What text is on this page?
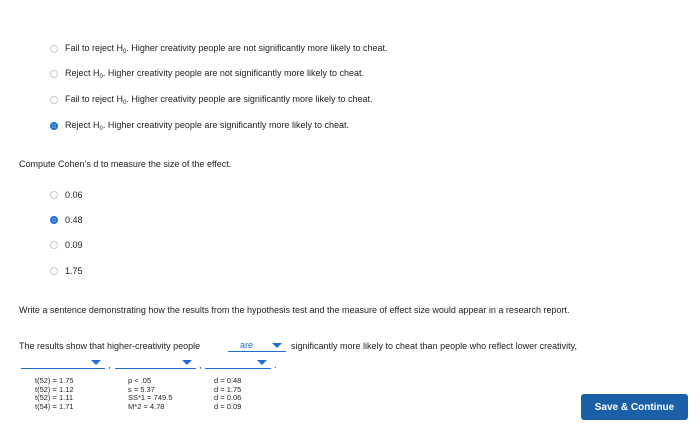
Fail to reject $H_0$. Higher creativity people are not significantly more likely to cheat.
Reject $H_0$. Higher creativity people are not significantly more likely to cheat.
Fail to reject $H_0$. Higher creativity people are significantly more likely to cheat.
Reject $H_0$. Higher creativity people are significantly more likely to cheat.
Compute Cohen’s d to measure the size of the effect.
0.06
0.48
0.09
1.75
Write a sentence demonstrating how the results from the hypothesis test and the measure of effect size would appear in a research report.
The results show that higher-creativity people	are	significantly more likely to cheat than people who reflect lower creativity,
,	,	.
t(52) = 1.75
t(52) = 1.12
t(52) = 1.11
t(54) = 1.71
p < .05
s = 5.37
SS*1 = 749.5
M*2 = 4.78
d = 0.48
d = 1.75
d = 0.06
d = 0.09	Save & Continue
